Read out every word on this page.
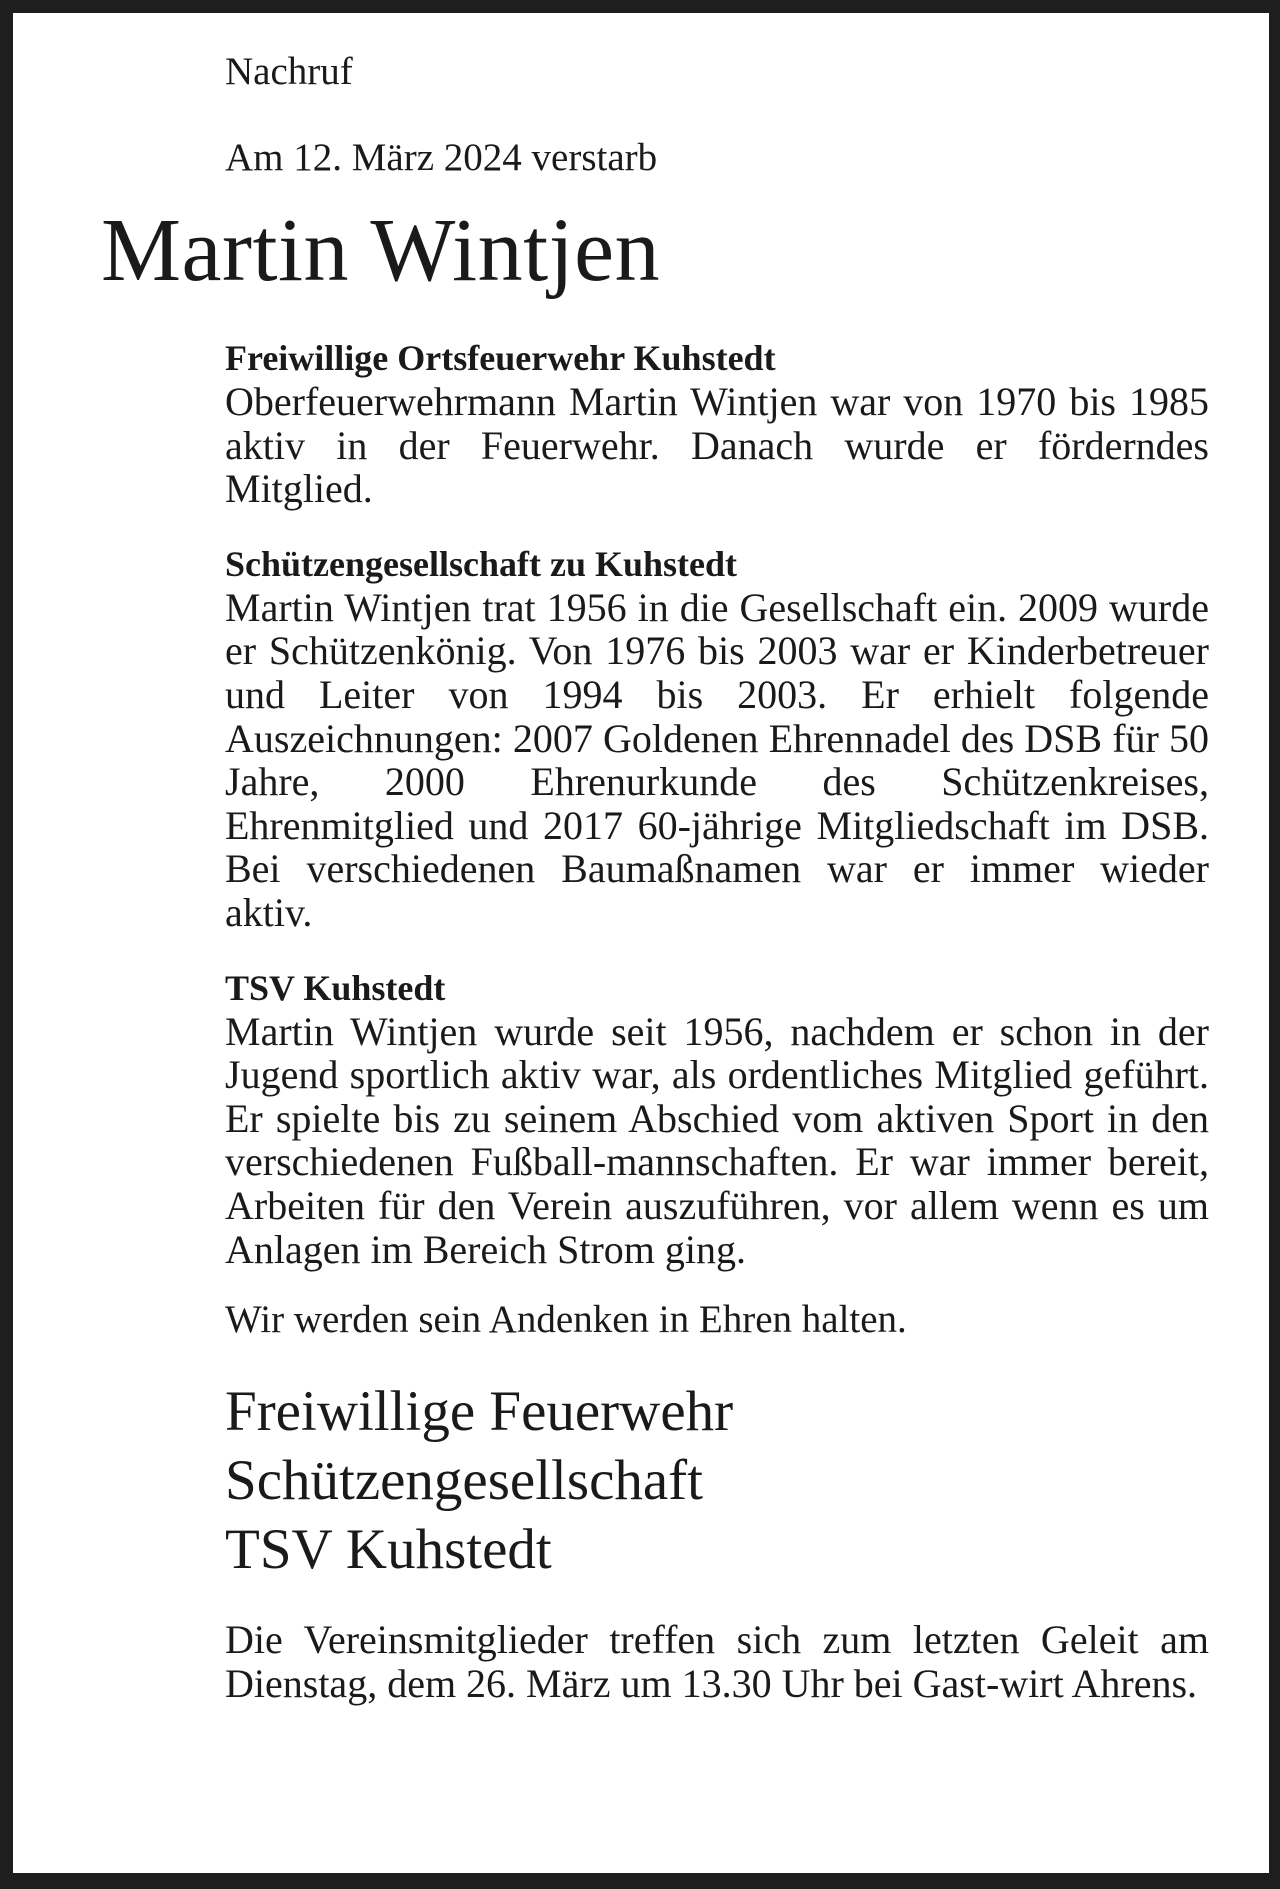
Nachruf

Am 12. März 2024 verstarb

Martin Wintjen
Freiwillige Ortsfeuerwehr Kuhstedt

Oberfeuerwehrmann Martin Wintjen war von 1970 bis 1985 aktiv in der Feuerwehr. Danach wurde er förderndes Mitglied.

Schützengesellschaft zu Kuhstedt

Martin Wintjen trat 1956 in die Gesellschaft ein. 2009 wurde er Schützenkönig. Von 1976 bis 2003 war er Kinderbetreuer und Leiter von 1994 bis 2003. Er erhielt folgende Auszeichnungen: 2007 Goldenen Ehrennadel des DSB für 50 Jahre, 2000 Ehrenurkunde des Schützenkreises, Ehrenmitglied und 2017 60-jährige Mitgliedschaft im DSB. Bei verschiedenen Baumaßnamen war er immer wieder aktiv.

TSV Kuhstedt

Martin Wintjen wurde seit 1956, nachdem er schon in der Jugend sportlich aktiv war, als ordentliches Mitglied geführt. Er spielte bis zu seinem Abschied vom aktiven Sport in den verschiedenen Fußball-mannschaften. Er war immer bereit, Arbeiten für den Verein auszuführen, vor allem wenn es um Anlagen im Bereich Strom ging.

Wir werden sein Andenken in Ehren halten.

Freiwillige Feuerwehr

Schützengesellschaft

TSV Kuhstedt

Die Vereinsmitglieder treffen sich zum letzten Geleit am Dienstag, dem 26. März um 13.30 Uhr bei Gast-wirt Ahrens.
